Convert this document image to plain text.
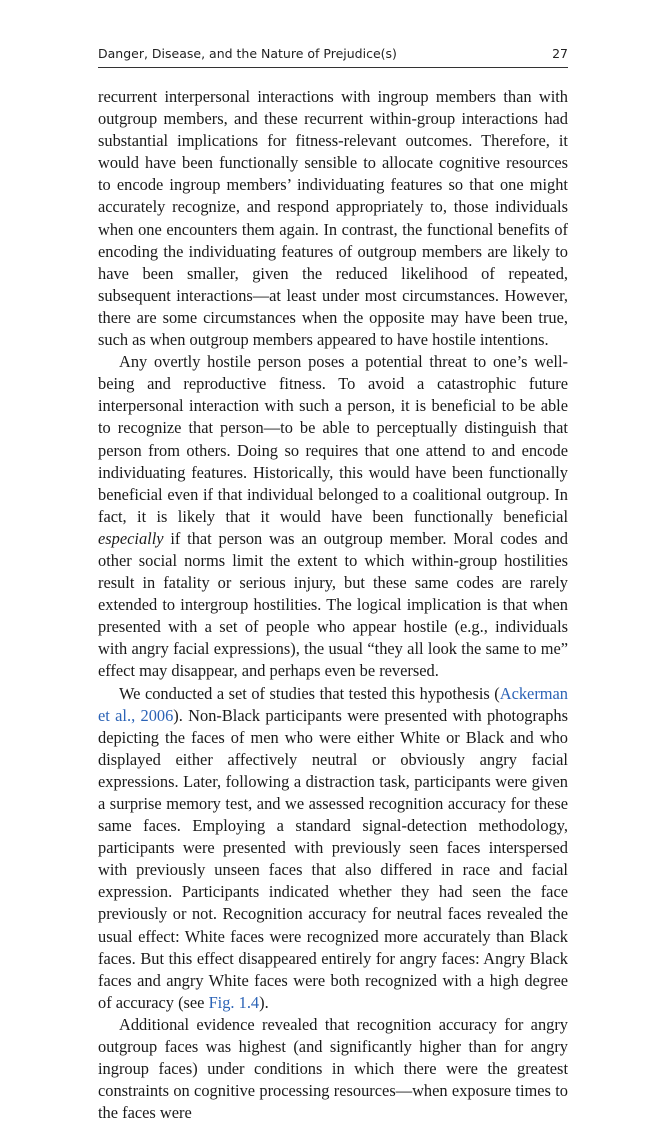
Danger, Disease, and the Nature of Prejudice(s)	27

recurrent interpersonal interactions with ingroup members than with outgroup members, and these recurrent within-group interactions had substantial implications for fitness-relevant outcomes. Therefore, it would have been functionally sensible to allocate cognitive resources to encode ingroup members’ individuating features so that one might accurately recognize, and respond appropriately to, those individuals when one encounters them again. In contrast, the functional benefits of encoding the individuating features of outgroup members are likely to have been smaller, given the reduced likelihood of repeated, subsequent interactions—at least under most circumstances. However, there are some circumstances when the opposite may have been true, such as when outgroup members appeared to have hostile intentions.

Any overtly hostile person poses a potential threat to one’s well-being and reproductive fitness. To avoid a catastrophic future interpersonal interaction with such a person, it is beneficial to be able to recognize that person—to be able to perceptually distinguish that person from others. Doing so requires that one attend to and encode individuating features. Historically, this would have been functionally beneficial even if that individual belonged to a coalitional outgroup. In fact, it is likely that it would have been functionally beneficial especially if that person was an outgroup member. Moral codes and other social norms limit the extent to which within-group hostilities result in fatality or serious injury, but these same codes are rarely extended to intergroup hostilities. The logical implication is that when presented with a set of people who appear hostile (e.g., individuals with angry facial expressions), the usual “they all look the same to me” effect may disappear, and perhaps even be reversed.

We conducted a set of studies that tested this hypothesis (Ackerman et al., 2006). Non-Black participants were presented with photographs depicting the faces of men who were either White or Black and who displayed either affectively neutral or obviously angry facial expressions. Later, following a distraction task, participants were given a surprise memory test, and we assessed recognition accuracy for these same faces. Employing a standard signal-detection methodology, participants were presented with previously seen faces interspersed with previously unseen faces that also differed in race and facial expression. Participants indicated whether they had seen the face previously or not. Recognition accuracy for neutral faces revealed the usual effect: White faces were recognized more accurately than Black faces. But this effect disappeared entirely for angry faces: Angry Black faces and angry White faces were both recognized with a high degree of accuracy (see Fig. 1.4).

Additional evidence revealed that recognition accuracy for angry outgroup faces was highest (and significantly higher than for angry ingroup faces) under conditions in which there were the greatest constraints on cognitive processing resources—when exposure times to the faces were
